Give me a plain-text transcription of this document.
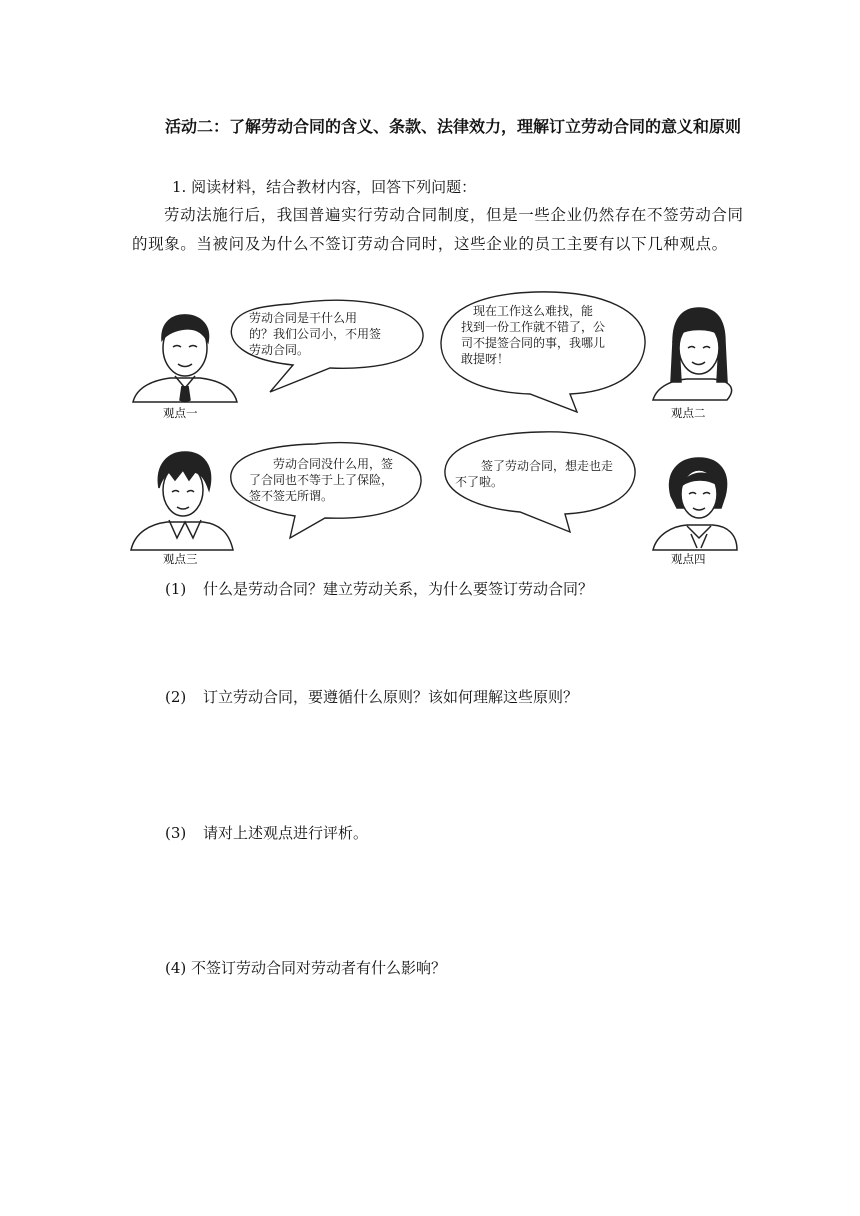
活动二：了解劳动合同的含义、条款、法律效力，理解订立劳动合同的意义和原则
1. 阅读材料，结合教材内容，回答下列问题：
劳动法施行后，我国普遍实行劳动合同制度，但是一些企业仍然存在不签劳动合同的现象。当被问及为什么不签订劳动合同时，这些企业的员工主要有以下几种观点。
劳动合同是干什么用 的？我们公司小，不用签 劳动合同。
现在工作这么难找，能 找到一份工作就不错了，公 司不提签合同的事，我哪儿 敢提呀！
劳动合同没什么用，签 了合同也不等于上了保险， 签不签无所谓。
签了劳动合同，想走也走 不了啦。
观点一	观点二
观点三	观点四
(1) 什么是劳动合同？建立劳动关系，为什么要签订劳动合同？
(2) 订立劳动合同，要遵循什么原则？该如何理解这些原则？
(3) 请对上述观点进行评析。
(4) 不签订劳动合同对劳动者有什么影响？
